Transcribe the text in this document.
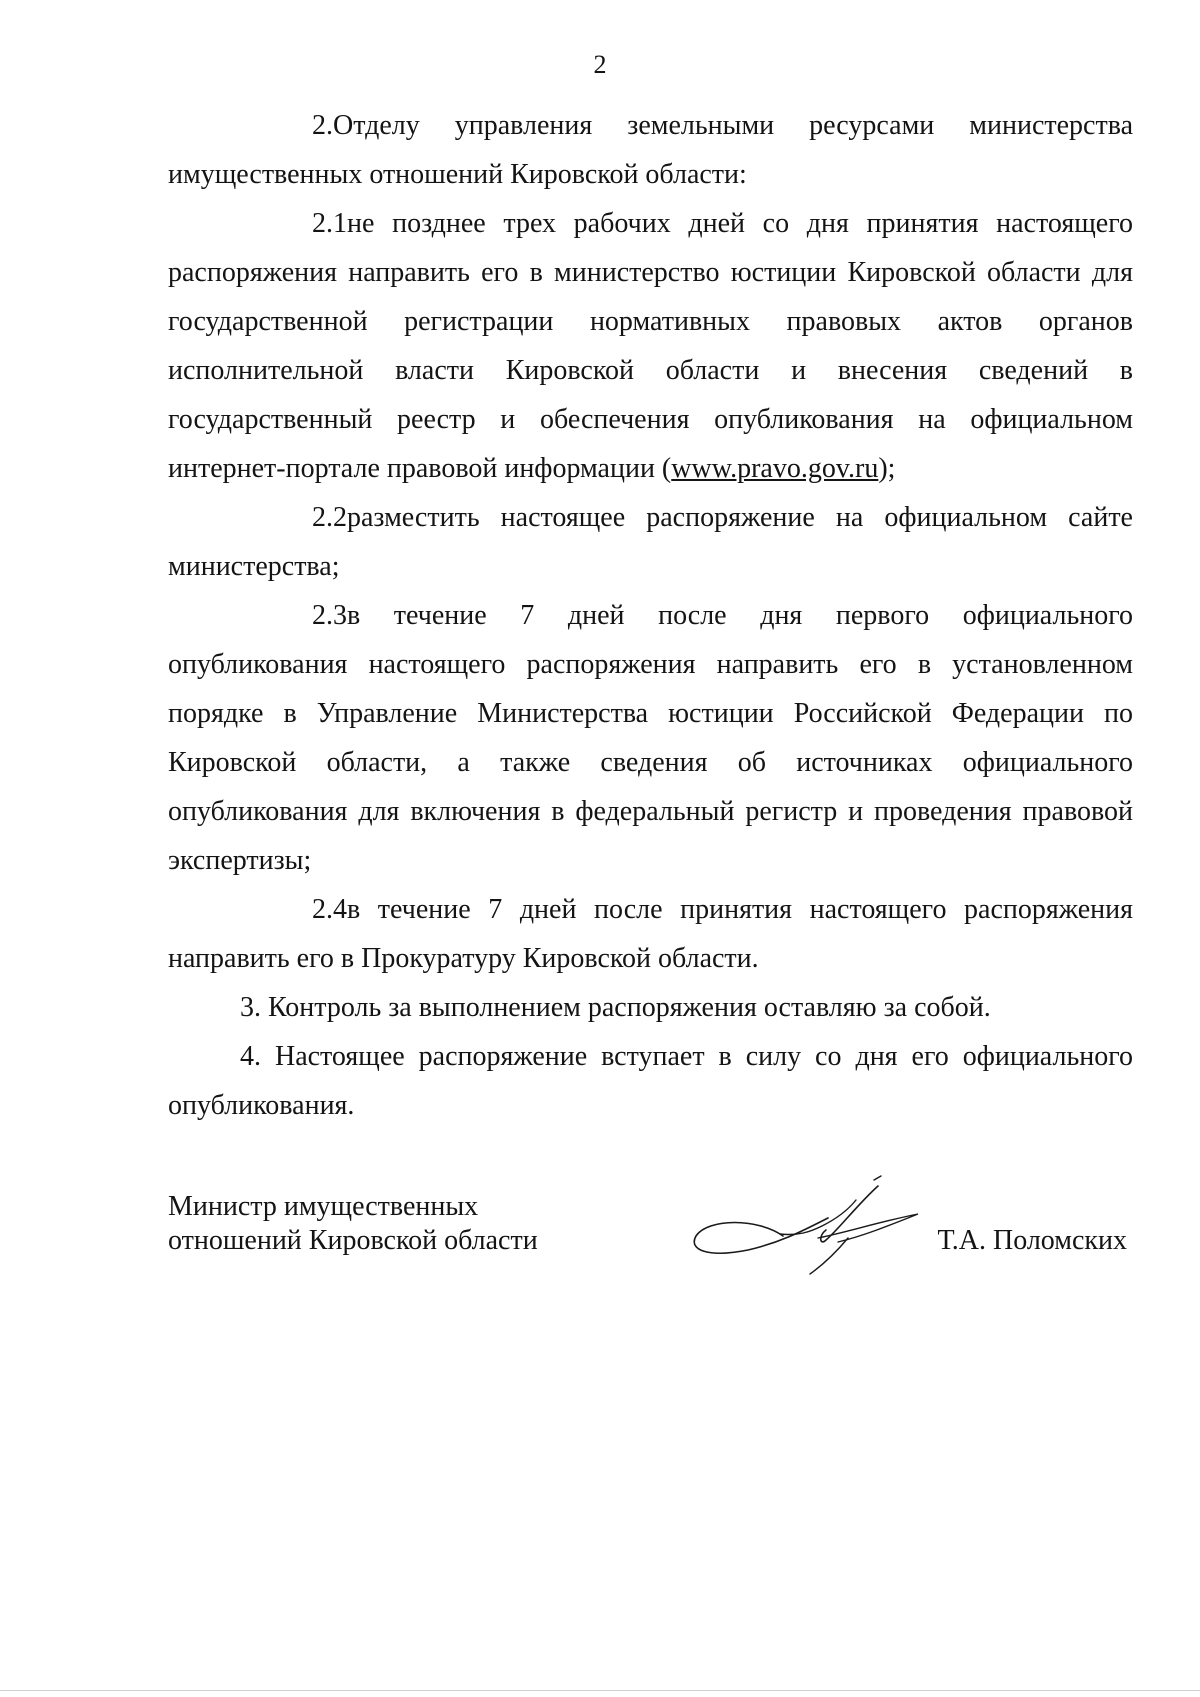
2

2.Отделу управления земельными ресурсами министерства имущественных отношений Кировской области:

2.1не позднее трех рабочих дней со дня принятия настоящего распоряжения направить его в министерство юстиции Кировской области для государственной регистрации нормативных правовых актов органов исполнительной власти Кировской области и внесения сведений в государственный реестр и обеспечения опубликования на официальном интернет-портале правовой информации (www.pravo.gov.ru);

2.2разместить настоящее распоряжение на официальном сайте министерства;

2.3в течение 7 дней после дня первого официального опубликования настоящего распоряжения направить его в установленном порядке в Управление Министерства юстиции Российской Федерации по Кировской области, а также сведения об источниках официального опубликования для включения в федеральный регистр и проведения правовой экспертизы;

2.4в течение 7 дней после принятия настоящего распоряжения направить его в Прокуратуру Кировской области.

3. Контроль за выполнением распоряжения оставляю за собой.

4. Настоящее распоряжение вступает в силу со дня его официального опубликования.

Министр имущественных
отношений Кировской области	Т.А. Поломских
